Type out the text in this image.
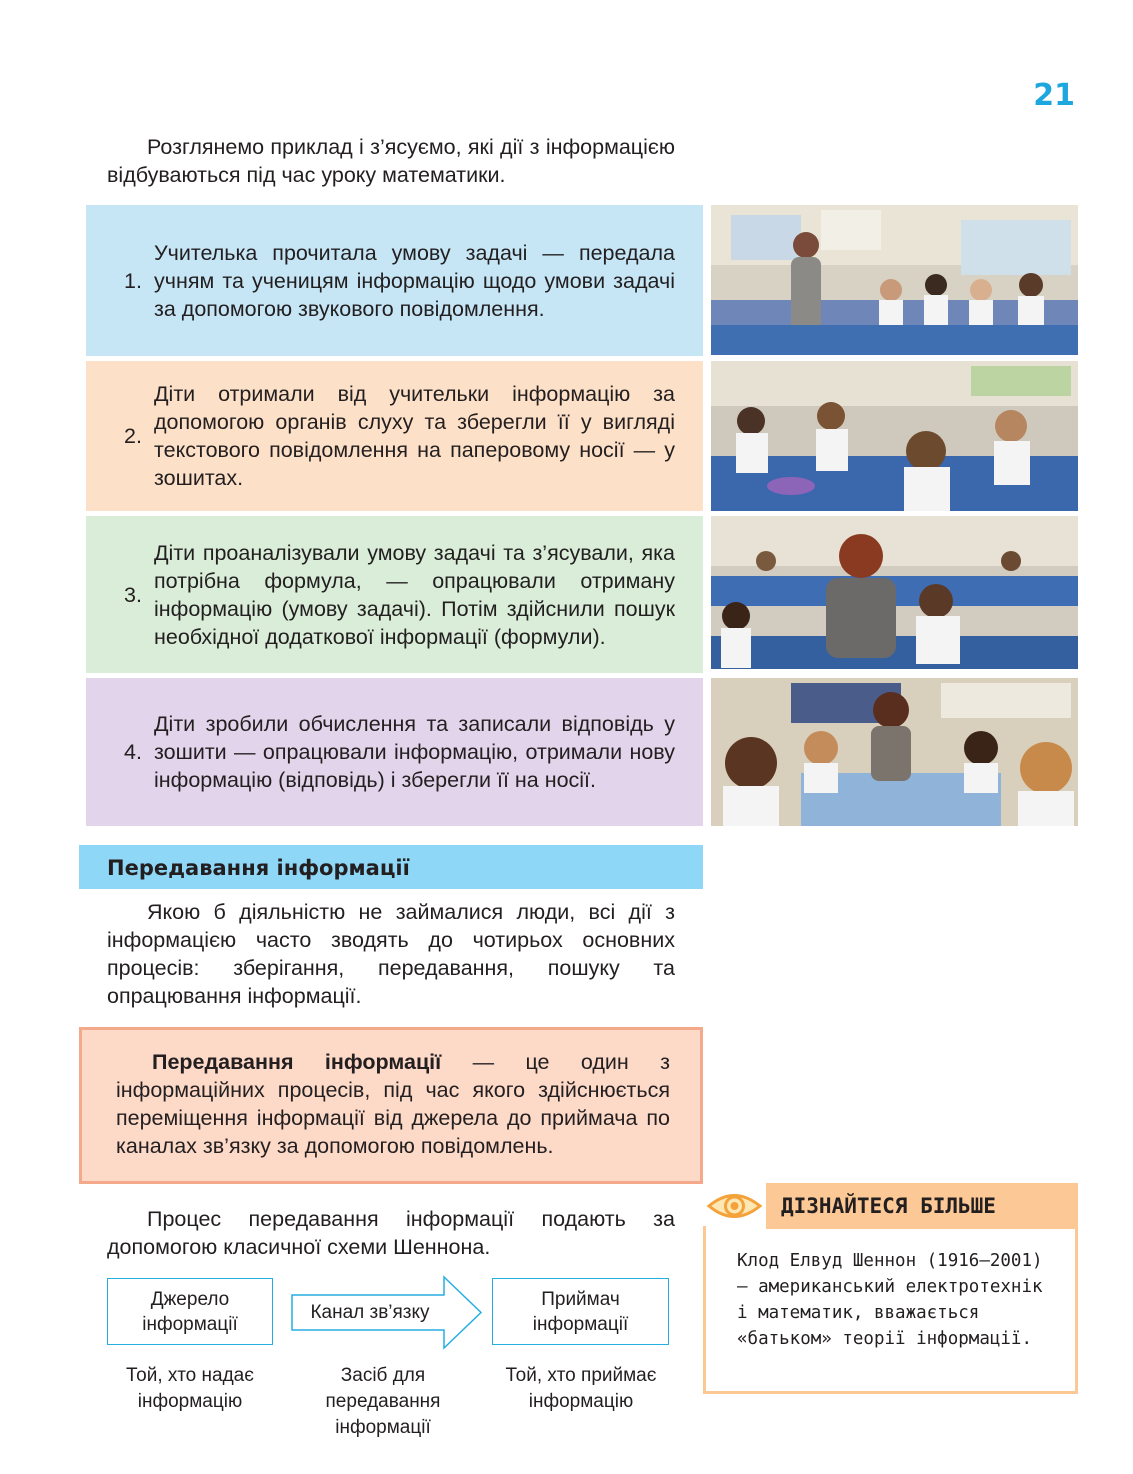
21
Розглянемо приклад і з’ясуємо, які дії з інформацією відбуваються під час уроку математики.
1.
Учителька прочитала умову задачі — передала учням та ученицям інформацію щодо умови задачі за допомогою звукового повідомлення.
2.
Діти отримали від учительки інформацію за допомогою органів слуху та зберегли її у вигляді текстового повідомлення на паперовому носії — у зошитах.
3.
Діти проаналізували умову задачі та з’ясували, яка потрібна формула, — опрацювали отриману інформацію (умову задачі). Потім здійснили пошук необхідної додаткової інформації (формули).
4.
Діти зробили обчислення та записали відповідь у зошити — опрацювали інформацію, отримали нову інформацію (відповідь) і зберегли її на носії.
Передавання інформації
Якою б діяльністю не займалися люди, всі дії з інформацією часто зводять до чотирьох основних процесів: зберігання, передавання, пошуку та опрацювання інформації.

Передавання інформації — це один з інформаційних процесів, під час якого здійснюється переміщення інформації від джерела до приймача по каналах зв’язку за допомогою повідомлень.

Процес передавання інформації подають за допомогою класичної схеми Шеннона.
Джерело інформації
Канал зв’язку
Приймач інформації
Той, хто надає інформацію
Засіб для передавання інформації
Той, хто приймає інформацію
ДІЗНАЙТЕСЯ БІЛЬШЕ
Клод Елвуд Шеннон (1916–2001) — американський електротехнік і математик, вважається «батьком» теорії інформації.
